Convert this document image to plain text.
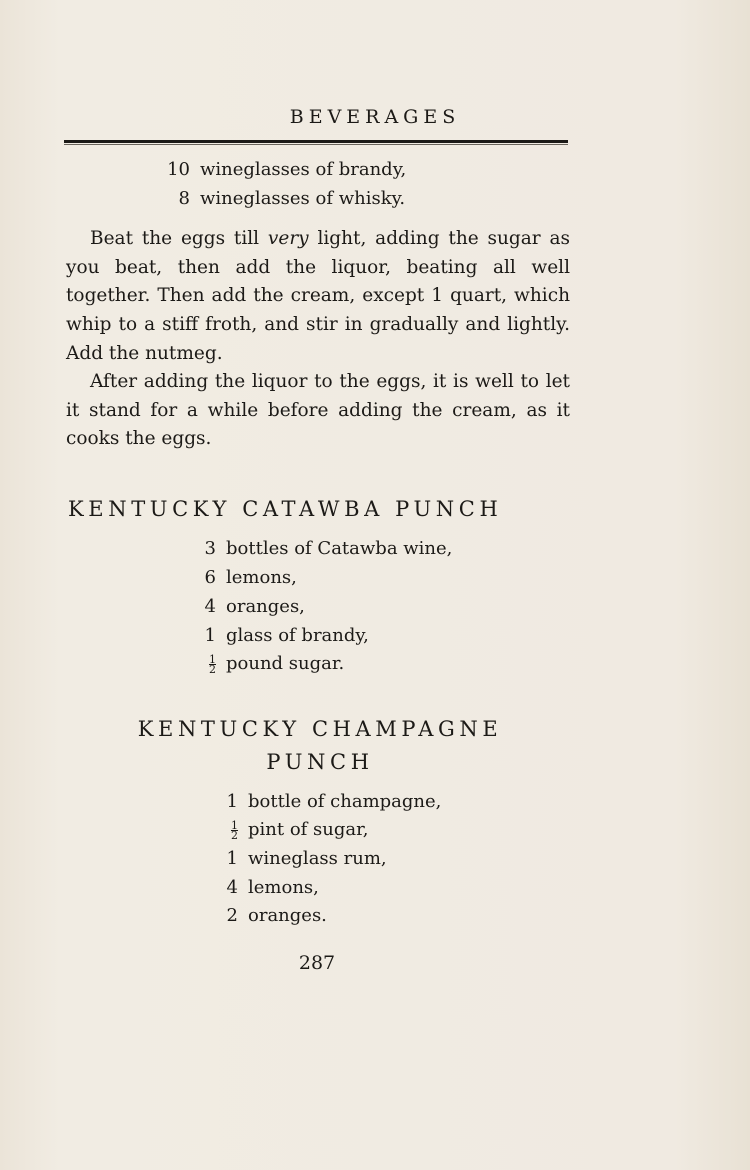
BEVERAGES
10 wineglasses of brandy,
8 wineglasses of whisky.
Beat the eggs till very light, adding the sugar as you beat, then add the liquor, beating all well together. Then add the cream, except 1 quart, which whip to a stiff froth, and stir in gradually and lightly. Add the nutmeg.
After adding the liquor to the eggs, it is well to let it stand for a while before adding the cream, as it cooks the eggs.
KENTUCKY CATAWBA PUNCH
3 bottles of Catawba wine,
6 lemons,
4 oranges,
1 glass of brandy,
$\frac{1}{2}$ pound sugar.
KENTUCKY CHAMPAGNE
PUNCH
1 bottle of champagne,
$\frac{1}{2}$ pint of sugar,
1 wineglass rum,
4 lemons,
2 oranges.
287
